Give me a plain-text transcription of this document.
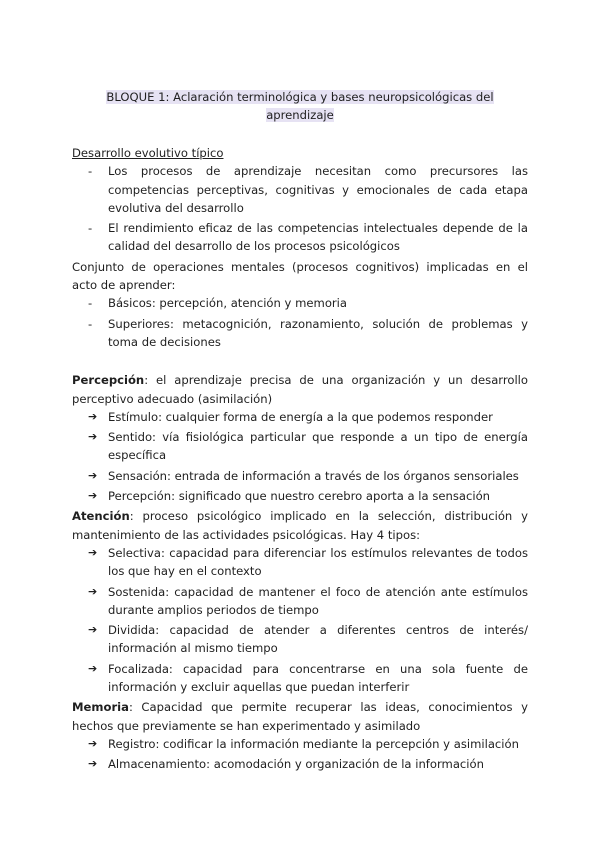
BLOQUE 1: Aclaración terminológica y bases neuropsicológicas del aprendizaje

Desarrollo evolutivo típico

- Los procesos de aprendizaje necesitan como precursores las competencias perceptivas, cognitivas y emocionales de cada etapa evolutiva del desarrollo
- El rendimiento eficaz de las competencias intelectuales depende de la calidad del desarrollo de los procesos psicológicos

Conjunto de operaciones mentales (procesos cognitivos) implicadas en el acto de aprender:

- Básicos: percepción, atención y memoria
- Superiores: metacognición, razonamiento, solución de problemas y toma de decisiones

Percepción: el aprendizaje precisa de una organización y un desarrollo perceptivo adecuado (asimilación)

➔ Estímulo: cualquier forma de energía a la que podemos responder
➔ Sentido: vía fisiológica particular que responde a un tipo de energía específica
➔ Sensación: entrada de información a través de los órganos sensoriales
➔ Percepción: significado que nuestro cerebro aporta a la sensación

Atención: proceso psicológico implicado en la selección, distribución y mantenimiento de las actividades psicológicas. Hay 4 tipos:

➔ Selectiva: capacidad para diferenciar los estímulos relevantes de todos los que hay en el contexto
➔ Sostenida: capacidad de mantener el foco de atención ante estímulos durante amplios periodos de tiempo
➔ Dividida: capacidad de atender a diferentes centros de interés/ información al mismo tiempo
➔ Focalizada: capacidad para concentrarse en una sola fuente de información y excluir aquellas que puedan interferir

Memoria: Capacidad que permite recuperar las ideas, conocimientos y hechos que previamente se han experimentado y asimilado

➔ Registro: codificar la información mediante la percepción y asimilación
➔ Almacenamiento: acomodación y organización de la información
